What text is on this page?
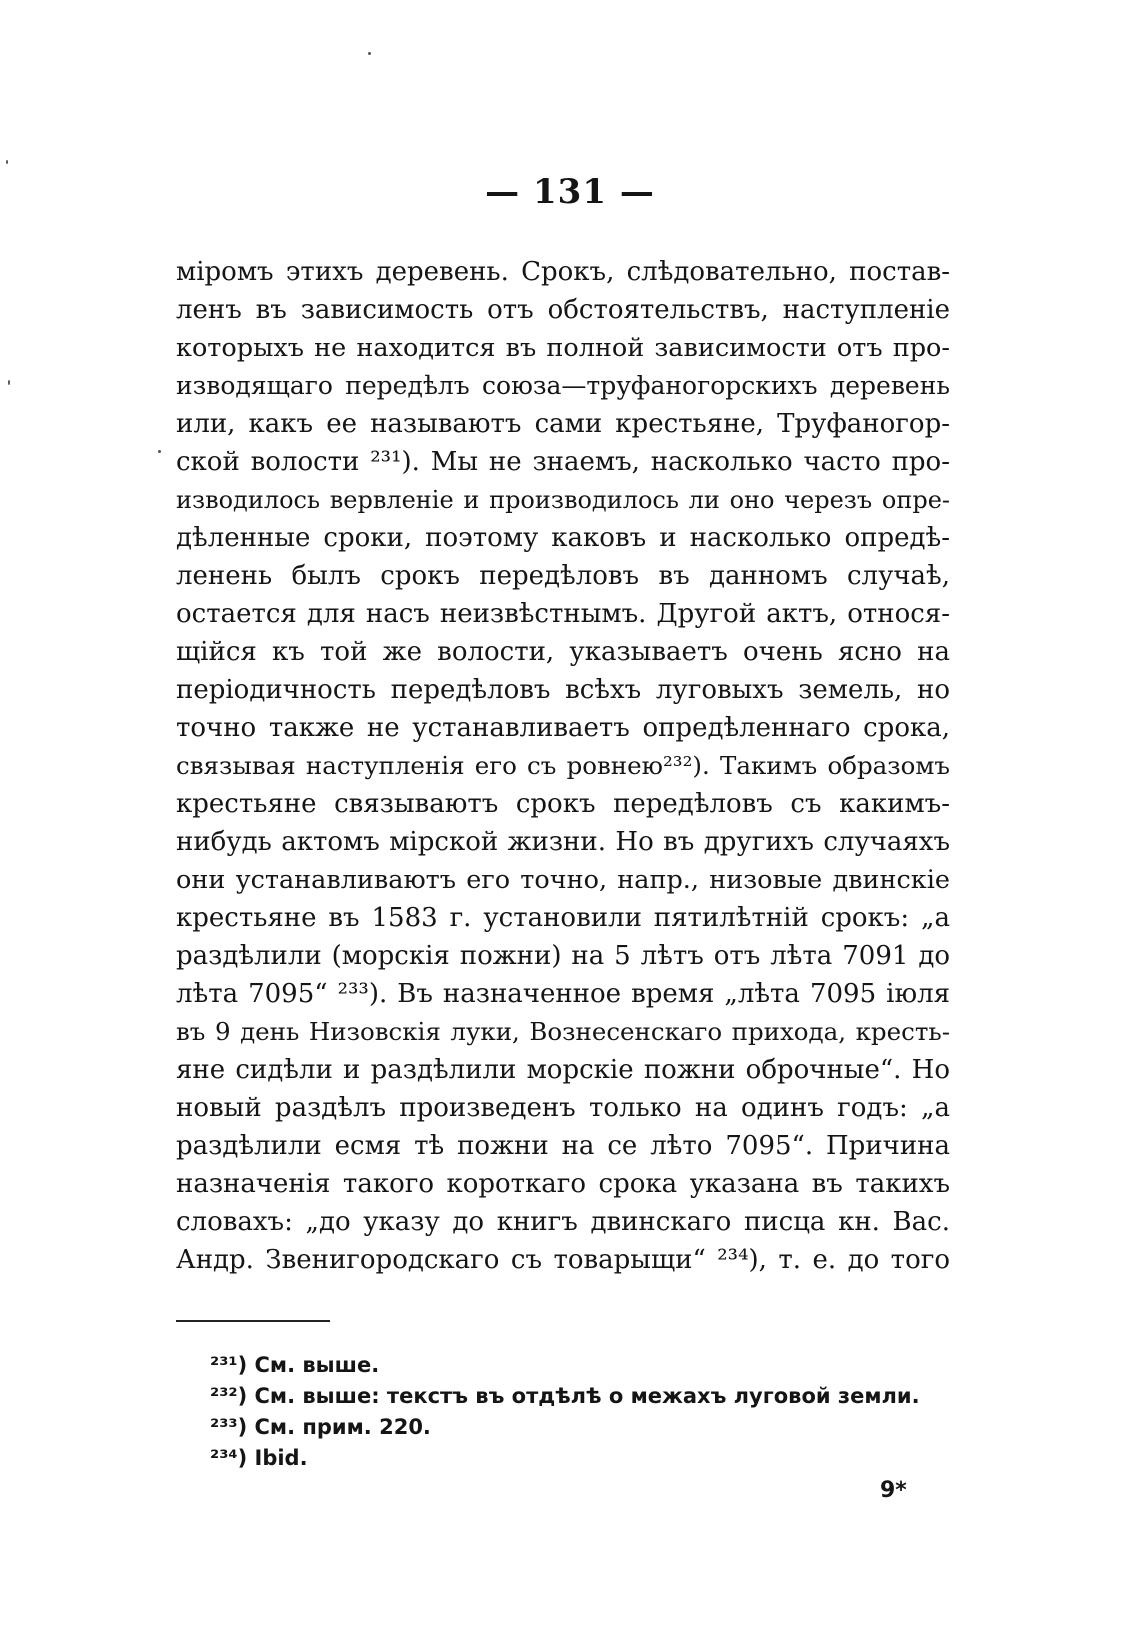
— 131 —
міромъ этихъ деревень. Срокъ, слѣдовательно, постав-
ленъ въ зависимость отъ обстоятельствъ, наступленіе
которыхъ не находится въ полной зависимости отъ про-
изводящаго передѣлъ союза—труфаногорскихъ деревень
или, какъ ее называютъ сами крестьяне, Труфаногор-
ской волости ²³¹). Мы не знаемъ, насколько часто про-
изводилось вервленіе и производилось ли оно черезъ опре-
дѣленные сроки, поэтому каковъ и насколько опредѣ-
ленень былъ срокъ передѣловъ въ данномъ случаѣ,
остается для насъ неизвѣстнымъ. Другой актъ, относя-
щійся къ той же волости, указываетъ очень ясно на
періодичность передѣловъ всѣхъ луговыхъ земель, но
точно также не устанавливаетъ опредѣленнаго срока,
связывая наступленія его съ ровнею²³²). Такимъ образомъ
крестьяне связываютъ срокъ передѣловъ съ какимъ-
нибудь актомъ мірской жизни. Но въ другихъ случаяхъ
они устанавливаютъ его точно, напр., низовые двинскіе
крестьяне въ 1583 г. установили пятилѣтній срокъ: „а
раздѣлили (морскія пожни) на 5 лѣтъ отъ лѣта 7091 до
лѣта 7095“ ²³³). Въ назначенное время „лѣта 7095 іюля
въ 9 день Низовскія луки, Вознесенскаго прихода, кресть-
яне сидѣли и раздѣлили морскіе пожни оброчные“. Но
новый раздѣлъ произведенъ только на одинъ годъ: „а
раздѣлили есмя тѣ пожни на се лѣто 7095“. Причина
назначенія такого короткаго срока указана въ такихъ
словахъ: „до указу до книгъ двинскаго писца кн. Вас.
Андр. Звенигородскаго съ товарыщи“ ²³⁴), т. е. до того
²³¹) См. выше.
²³²) См. выше: текстъ въ отдѣлѣ о межахъ луговой земли.
²³³) См. прим. 220.
²³⁴) Ibid.
9*
